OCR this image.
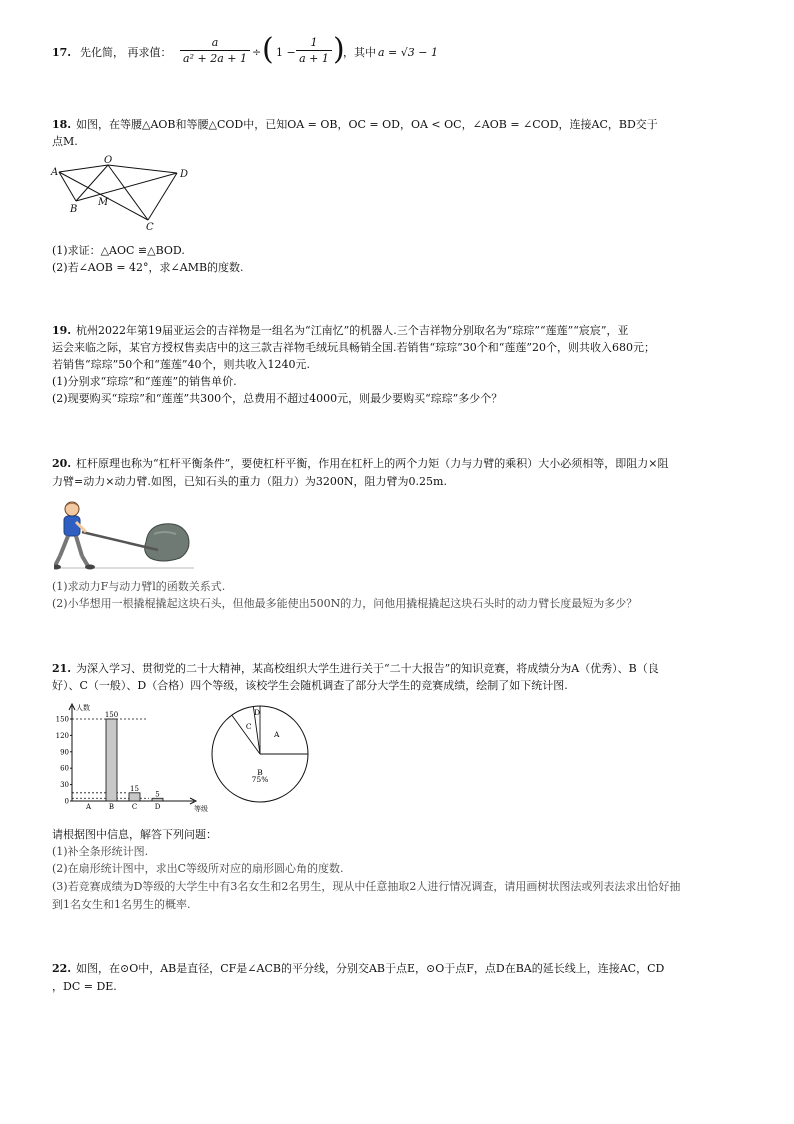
17. 先化简， 再求值：
a
a² + 2a + 1 ÷ ( 1 −
1
a + 1 )
，其中 a = √3 − 1
18. 如图，在等腰△AOB和等腰△COD中，已知OA = OB，OC = OD，OA < OC，∠AOB = ∠COD，连接AC，BD交于
点M.
A
O
D
B
M
C
(1)求证：△AOC ≌△BOD.
(2)若∠AOB = 42°，求∠AMB的度数.
19. 杭州2022年第19届亚运会的吉祥物是一组名为“江南忆”的机器人.三个吉祥物分别取名为“琮琮”“莲莲”“宸宸”，亚
运会来临之际，某官方授权售卖店中的这三款吉祥物毛绒玩具畅销全国.若销售“琮琮”30个和“莲莲”20个，则共收入680元；
若销售“琮琮”50个和“莲莲”40个，则共收入1240元.
(1)分别求“琮琮”和“莲莲”的销售单价.
(2)现要购买“琮琮”和“莲莲”共300个，总费用不超过4000元，则最少要购买“琮琮”多少个？
20. 杠杆原理也称为“杠杆平衡条件”，要使杠杆平衡，作用在杠杆上的两个力矩（力与力臂的乘积）大小必须相等，即阻力×阻
力臂=动力×动力臂.如图，已知石头的重力（阻力）为3200N，阻力臂为0.25m.
(1)求动力F与动力臂l的函数关系式.
(2)小华想用一根撬棍撬起这块石头，但他最多能使出500N的力，问他用撬棍撬起这块石头时的动力臂长度最短为多少？
21. 为深入学习、贯彻党的二十大精神，某高校组织大学生进行关于“二十大报告”的知识竞赛，将成绩分为A（优秀）、B（良
好）、C（一般）、D（合格）四个等级，该校学生会随机调查了部分大学生的竞赛成绩，绘制了如下统计图.
人数
等级
0
30
60
90
120
150
A
150
B
15
C
5
D
C
D
A
B
75%
请根据图中信息，解答下列问题：
(1)补全条形统计图.
(2)在扇形统计图中，求出C等级所对应的扇形圆心角的度数.
(3)若竞赛成绩为D等级的大学生中有3名女生和2名男生，现从中任意抽取2人进行情况调查，请用画树状图法或列表法求出恰好抽
到1名女生和1名男生的概率.
22. 如图，在⊙O中，AB是直径，CF是∠ACB的平分线，分别交AB于点E，⊙O于点F，点D在BA的延长线上，连接AC，CD
，DC = DE.
